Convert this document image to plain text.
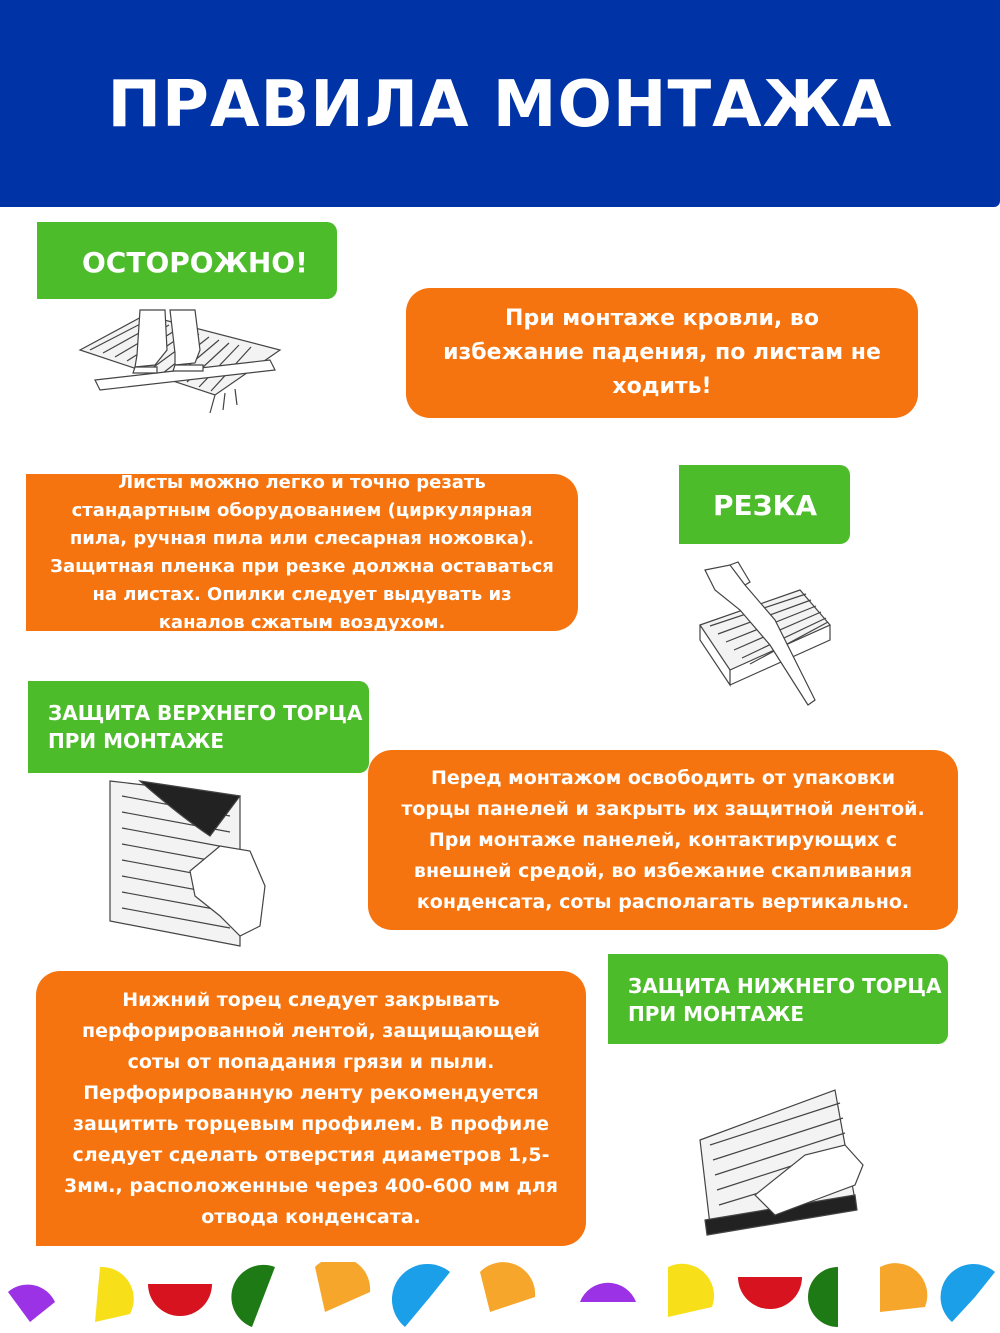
ПРАВИЛА МОНТАЖА
ОСТОРОЖНО!

При монтаже кровли, во избежание падения, по листам не ходить!

Листы можно легко и точно резать стандартным оборудованием (циркулярная пила, ручная пила или слесарная ножовка). Защитная пленка при резке должна оставаться на листах. Опилки следует выдувать из каналов сжатым воздухом.

РЕЗКА
ЗАЩИТА ВЕРХНЕГО ТОРЦА
ПРИ МОНТАЖЕ

Перед монтажом освободить от упаковки торцы панелей и закрыть их защитной лентой. При монтаже панелей, контактирующих с внешней средой, во избежание скапливания конденсата, соты располагать вертикально.

Нижний торец следует закрывать перфорированной лентой, защищающей соты от попадания грязи и пыли. Перфорированную ленту рекомендуется защитить торцевым профилем. В профиле следует сделать отверстия диаметров 1,5-3мм., расположенные через 400-600 мм для отвода конденсата.

ЗАЩИТА НИЖНЕГО ТОРЦА
ПРИ МОНТАЖЕ
